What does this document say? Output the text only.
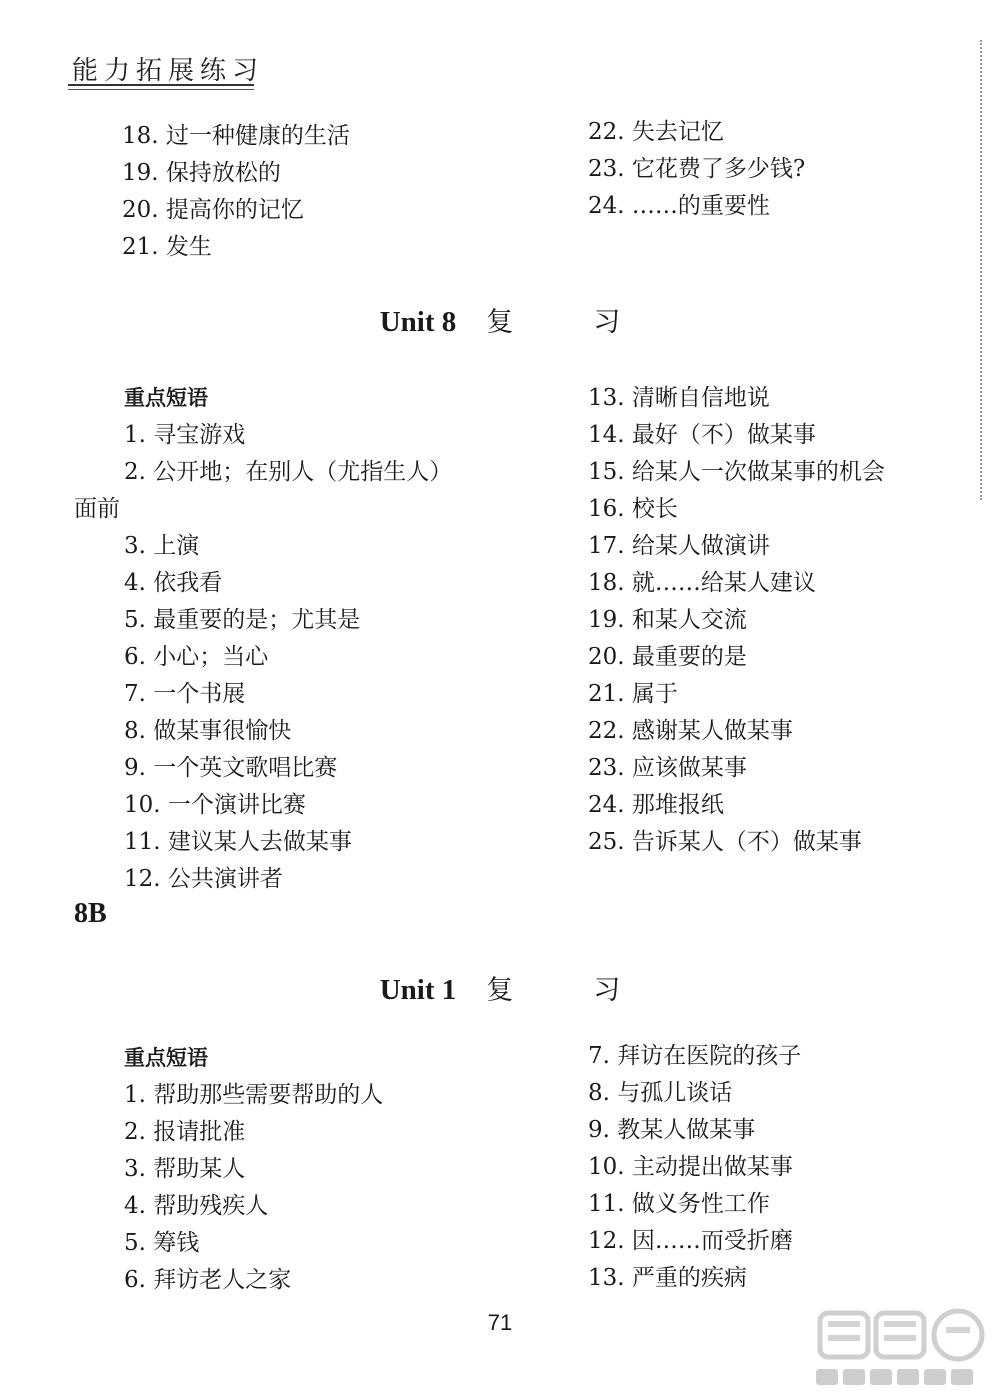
能力拓展练习
18. 过一种健康的生活
19. 保持放松的
20. 提高你的记忆
21. 发生
22. 失去记忆
23. 它花费了多少钱?
24. ……的重要性
Unit 8 复	习
重点短语
1. 寻宝游戏
2. 公开地；在别人（尤指生人）
面前
3. 上演
4. 依我看
5. 最重要的是；尤其是
6. 小心；当心
7. 一个书展
8. 做某事很愉快
9. 一个英文歌唱比赛
10. 一个演讲比赛
11. 建议某人去做某事
12. 公共演讲者
13. 清晰自信地说
14. 最好（不）做某事
15. 给某人一次做某事的机会
16. 校长
17. 给某人做演讲
18. 就……给某人建议
19. 和某人交流
20. 最重要的是
21. 属于
22. 感谢某人做某事
23. 应该做某事
24. 那堆报纸
25. 告诉某人（不）做某事
8B
Unit 1 复	习
重点短语
1. 帮助那些需要帮助的人
2. 报请批准
3. 帮助某人
4. 帮助残疾人
5. 筹钱
6. 拜访老人之家
7. 拜访在医院的孩子
8. 与孤儿谈话
9. 教某人做某事
10. 主动提出做某事
11. 做义务性工作
12. 因……而受折磨
13. 严重的疾病
71
